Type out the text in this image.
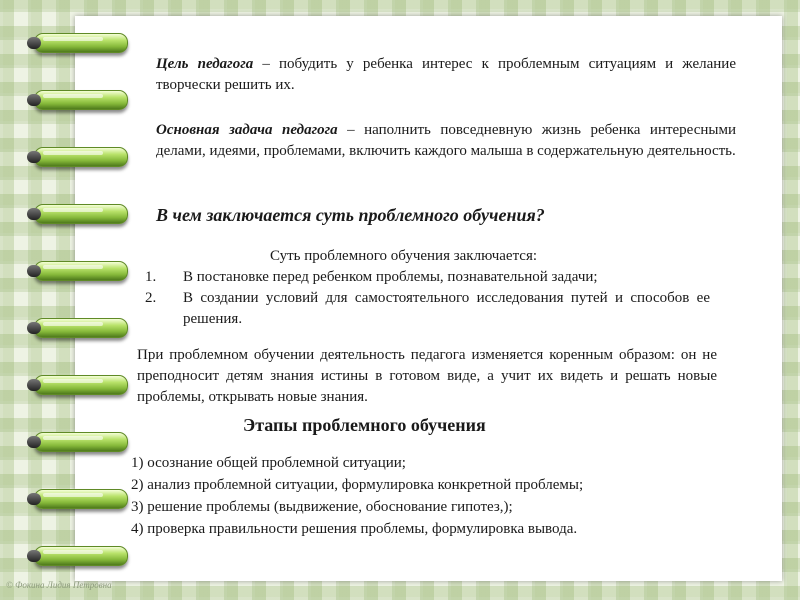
Цель педагога – побудить у ребенка интерес к проблемным ситуациям и желание творчески решить их.

Основная задача педагога – наполнить повседневную жизнь ребенка интересными делами, идеями, проблемами, включить каждого малыша в содержательную деятельность.

В чем заключается суть проблемного обучения?
Суть проблемного обучения заключается:
1.	В постановке перед ребенком проблемы, познавательной задачи;
2.	В создании условий для самостоятельного исследования путей и способов ее решения.

При проблемном обучении деятельность педагога изменяется коренным образом: он не преподносит детям знания истины в готовом виде, а учит их видеть и решать новые проблемы, открывать новые знания.

Этапы проблемного обучения
1) осознание общей проблемной ситуации;
2) анализ проблемной ситуации, формулировка конкретной проблемы;
3) решение проблемы (выдвижение, обоснование гипотез,);
4) проверка правильности решения проблемы, формулировка вывода.
© Фокина Лидия Петровна
